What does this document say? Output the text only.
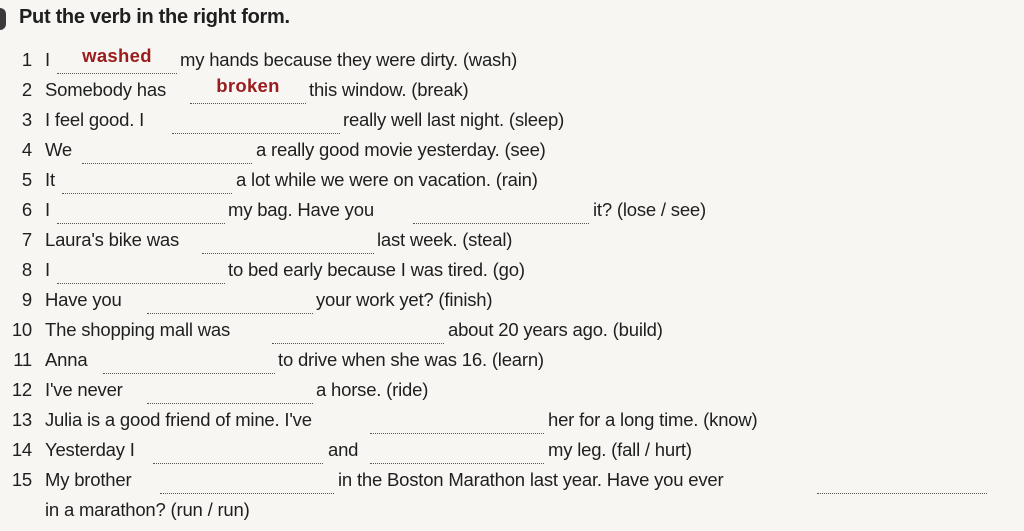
Put the verb in the right form.
1 I	my hands because they were dirty. (wash)
washed
2 Somebody has	this window. (break)
broken
3 I feel good. I	really well last night. (sleep)
4 We	a really good movie yesterday. (see)
5 It	a lot while we were on vacation. (rain)
6 I	my bag. Have you	it? (lose / see)
7 Laura's bike was	last week. (steal)
8 I	to bed early because I was tired. (go)
9 Have you	your work yet? (finish)
10 The shopping mall was	about 20 years ago. (build)
11 Anna	to drive when she was 16. (learn)
12 I've never	a horse. (ride)
13 Julia is a good friend of mine. I've	her for a long time. (know)
14 Yesterday I	and	my leg. (fall / hurt)
15 My brother	in the Boston Marathon last year. Have you ever
in a marathon? (run / run)
